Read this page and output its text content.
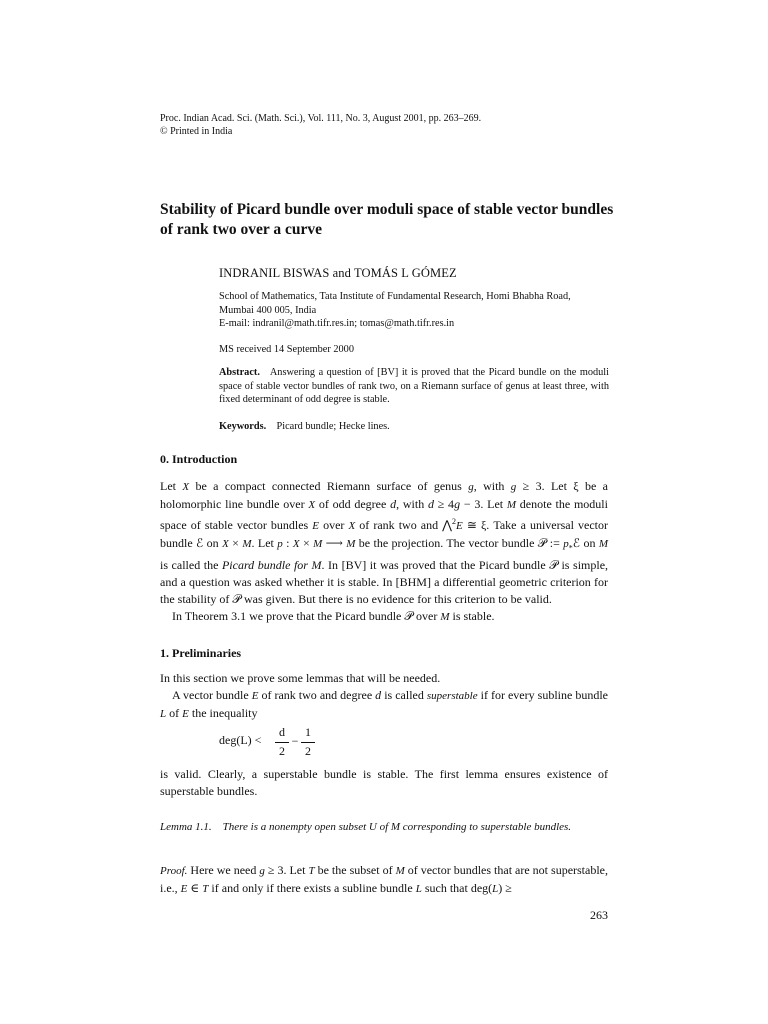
Proc. Indian Acad. Sci. (Math. Sci.), Vol. 111, No. 3, August 2001, pp. 263–269.
© Printed in India
Stability of Picard bundle over moduli space of stable vector bundles of rank two over a curve
INDRANIL BISWAS and TOMÁS L GÓMEZ
School of Mathematics, Tata Institute of Fundamental Research, Homi Bhabha Road,
Mumbai 400 005, India
E-mail: indranil@math.tifr.res.in; tomas@math.tifr.res.in
MS received 14 September 2000
Abstract. Answering a question of [BV] it is proved that the Picard bundle on the moduli space of stable vector bundles of rank two, on a Riemann surface of genus at least three, with fixed determinant of odd degree is stable.
Keywords. Picard bundle; Hecke lines.
0. Introduction

Let X be a compact connected Riemann surface of genus g, with g ≥ 3. Let ξ be a holomorphic line bundle over X of odd degree d, with d ≥ 4g − 3. Let M denote the moduli space of stable vector bundles E over X of rank two and ⋀$^2$E ≅ ξ. Take a universal vector bundle ℰ on X × M. Let p : X × M ⟶ M be the projection. The vector bundle 𝒫 := $p_*ℰ$ on M is called the Picard bundle for M. In [BV] it was proved that the Picard bundle 𝒫 is simple, and a question was asked whether it is stable. In [BHM] a differential geometric criterion for the stability of 𝒫 was given. But there is no evidence for this criterion to be valid.

In Theorem 3.1 we prove that the Picard bundle 𝒫 over M is stable.

1. Preliminaries

In this section we prove some lemmas that will be needed.

A vector bundle E of rank two and degree d is called superstable if for every subline bundle L of E the inequality

deg(L) <
d
2
−
1
2
is valid. Clearly, a superstable bundle is stable. The first lemma ensures existence of superstable bundles.
Lemma 1.1. There is a nonempty open subset U of M corresponding to superstable bundles.
Proof. Here we need g ≥ 3. Let T be the subset of M of vector bundles that are not superstable, i.e., E ∈ T if and only if there exists a subline bundle L such that deg(L) ≥
263
